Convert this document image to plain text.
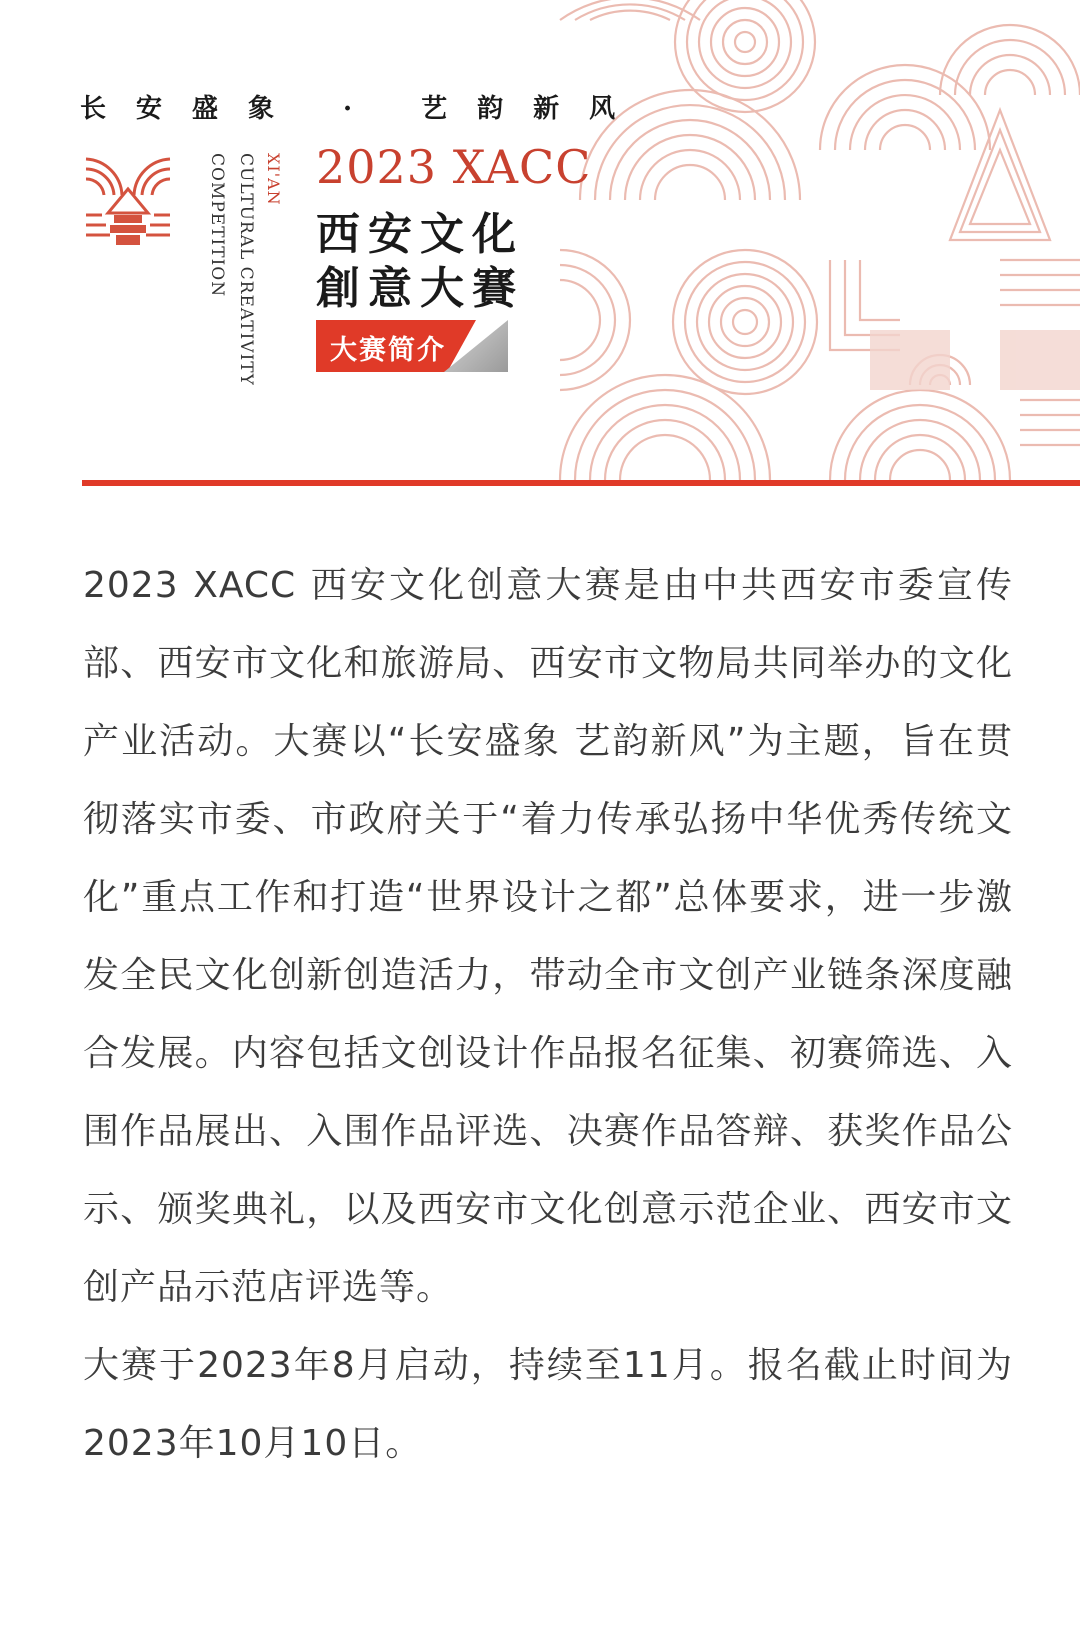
长安盛象 · 艺韵新风
XI'AN
CULTURAL CREATIVITY
COMPETITION 2023 XACC
西安文化
創意大賽
大赛简介

2023 XACC 西安文化创意大赛是由中共西安市委宣传部、西安市文化和旅游局、西安市文物局共同举办的文化产业活动。大赛以“长安盛象 艺韵新风”为主题，旨在贯彻落实市委、市政府关于“着力传承弘扬中华优秀传统文化”重点工作和打造“世界设计之都”总体要求，进一步激发全民文化创新创造活力，带动全市文创产业链条深度融合发展。内容包括文创设计作品报名征集、初赛筛选、入围作品展出、入围作品评选、决赛作品答辩、获奖作品公示、颁奖典礼，以及西安市文化创意示范企业、西安市文创产品示范店评选等。

大赛于2023年8月启动，持续至11月。报名截止时间为2023年10月10日。
